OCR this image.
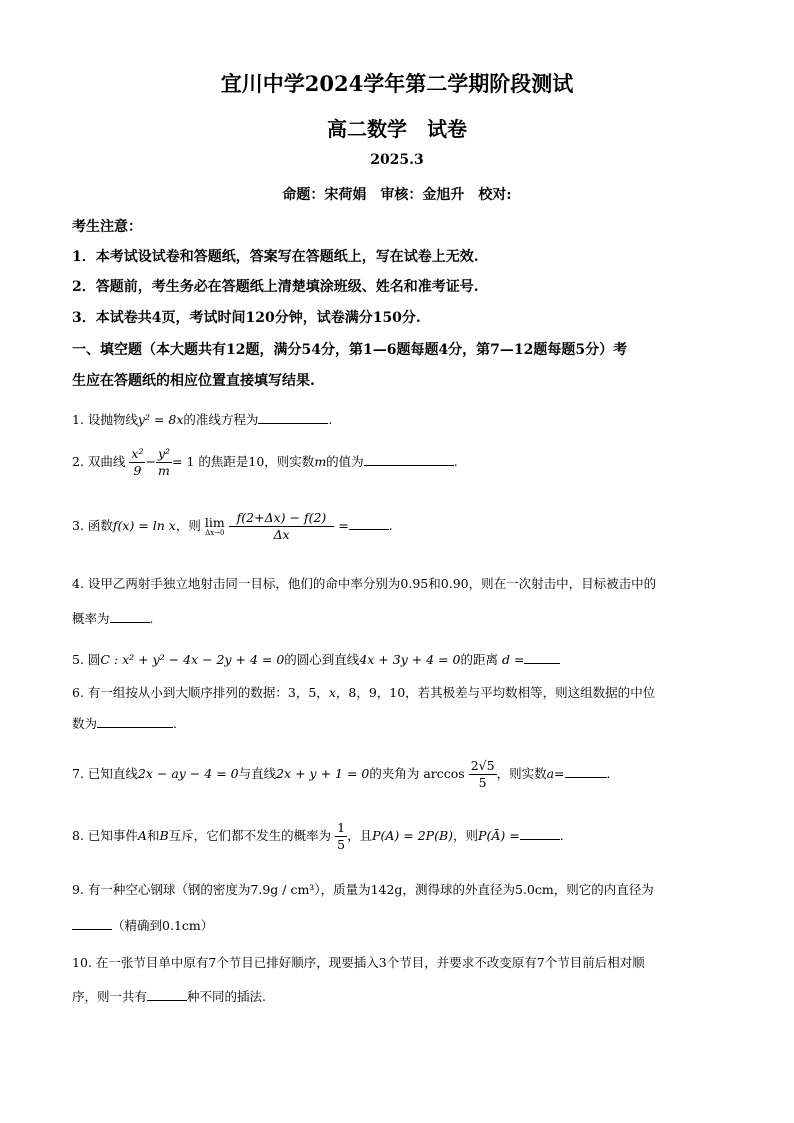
宜川中学2024学年第二学期阶段测试
高二数学　试卷
2025.3
命题：宋荷娟　审核：金旭升　校对:
考生注意：
1．本考试设试卷和答题纸，答案写在答题纸上，写在试卷上无效.
2．答题前，考生务必在答题纸上清楚填涂班级、姓名和准考证号.
3．本试卷共4页，考试时间120分钟，试卷满分150分.
一、填空题（本大题共有12题，满分54分，第1—6题每题4分，第7—12题每题5分）考
生应在答题纸的相应位置直接填写结果.
1. 设抛物线y² = 8x的准线方程为	.
2. 双曲线 $\frac{\text{x²}}{9} - \frac{\text{y²}}{m} = 1$ 的焦距是10，则实数m的值为	.
3. 函数f(x) = ln x，则 lim
Δx→0
$\frac{f(2+\Delta x) - f(2)}{\Delta x}$ =	.
4. 设甲乙两射手独立地射击同一目标，他们的命中率分别为0.95和0.90，则在一次射击中，目标被击中的
概率为	.
5. 圆C : x² + y² − 4x − 2y + 4 = 0的圆心到直线4x + 3y + 4 = 0的距离 d =
6. 有一组按从小到大顺序排列的数据：3，5，x，8，9，10，若其极差与平均数相等，则这组数据的中位
数为	.
7. 已知直线2x − ay − 4 = 0与直线2x + y + 1 = 0的夹角为 $\arccos \frac{2√5}{5}$ ，则实数a=	.
8. 已知事件A和B互斥，它们都不发生的概率为 $\frac{1}{5}$ ，且P(A) = 2P(B)，则P(Ā) =	.
9. 有一种空心钢球（钢的密度为7.9g / cm³），质量为142g，测得球的外直径为5.0cm，则它的内直径为
（精确到0.1cm）
10. 在一张节目单中原有7个节目已排好顺序，现要插入3个节目，并要求不改变原有7个节目前后相对顺
序，则一共有	种不同的插法.
